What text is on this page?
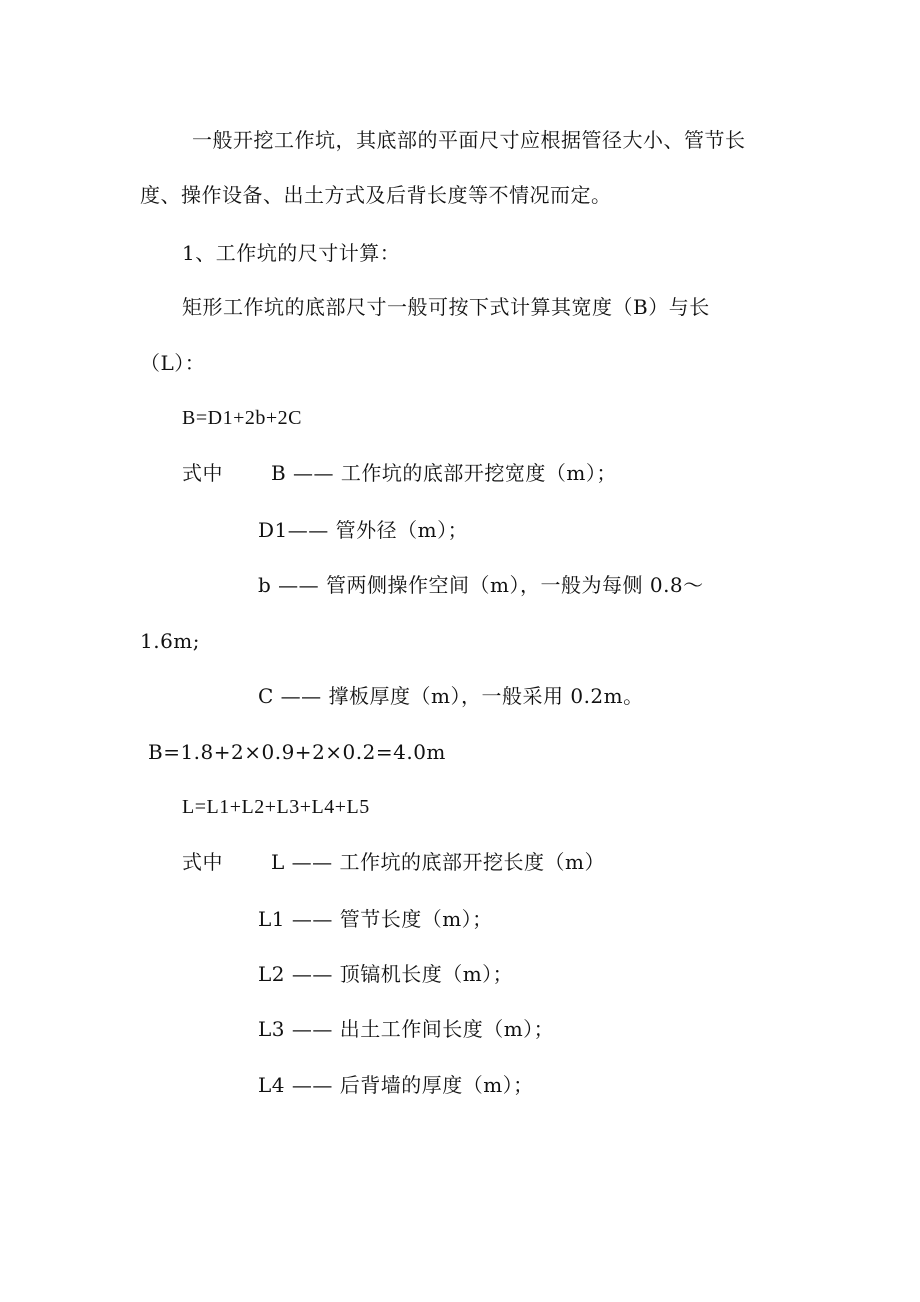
一般开挖工作坑，其底部的平面尺寸应根据管径大小、管节长
度、操作设备、出土方式及后背长度等不情况而定。
1、工作坑的尺寸计算：
矩形工作坑的底部尺寸一般可按下式计算其宽度（B）与长
（L）：
B=D1+2b+2C
式中 B —— 工作坑的底部开挖宽度（m）；
D1—— 管外径（m）；
b —— 管两侧操作空间（m），一般为每侧 0.8～
1.6m;
C —— 撑板厚度（m），一般采用 0.2m。
B=1.8+2×0.9+2×0.2=4.0m
L=L1+L2+L3+L4+L5
式中 L —— 工作坑的底部开挖长度（m）
L1 —— 管节长度（m）；
L2 —— 顶镐机长度（m）；
L3 —— 出土工作间长度（m）；
L4 —— 后背墙的厚度（m）；
